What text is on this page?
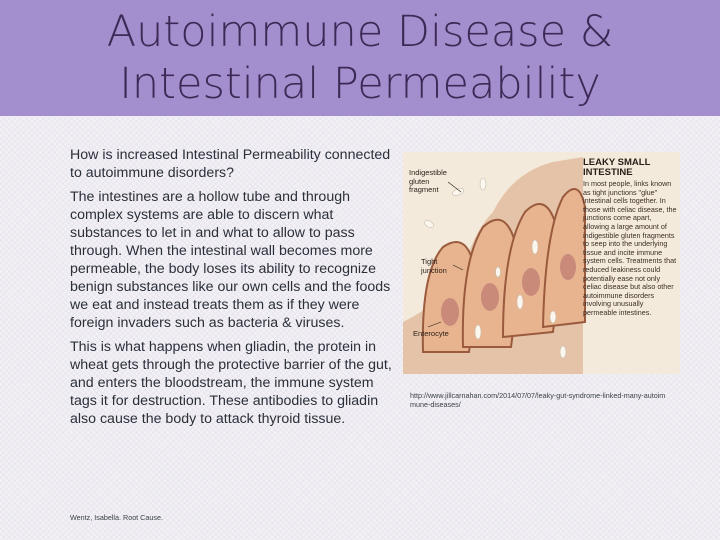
Autoimmune Disease &
Intestinal Permeability

How is increased Intestinal Permeability connected to autoimmune disorders?

The intestines are a hollow tube and through complex systems are able to discern what substances to let in and what to allow to pass through. When the intestinal wall becomes more permeable, the body loses its ability to recognize benign substances like our own cells and the foods we eat and instead treats them as if they were foreign invaders such as bacteria & viruses.

This is what happens when gliadin, the protein in wheat gets through the protective barrier of the gut, and enters the bloodstream, the immune system tags it for destruction. These antibodies to gliadin also cause the body to attack thyroid tissue.

Indigestible gluten fragment
Tight junction
Enterocyte
LEAKY SMALL INTESTINE
In most people, links known as tight junctions "glue" intestinal cells together. In those with celiac disease, the junctions come apart, allowing a large amount of indigestible gluten fragments to seep into the underlying tissue and incite immune system cells. Treatments that reduced leakiness could potentially ease not only celiac disease but also other autoimmune disorders involving unusually permeable intestines.
http://www.jillcarnahan.com/2014/07/07/leaky-gut-syndrome-linked-many-autoimmune-diseases/
Wentz, Isabella. Root Cause.
